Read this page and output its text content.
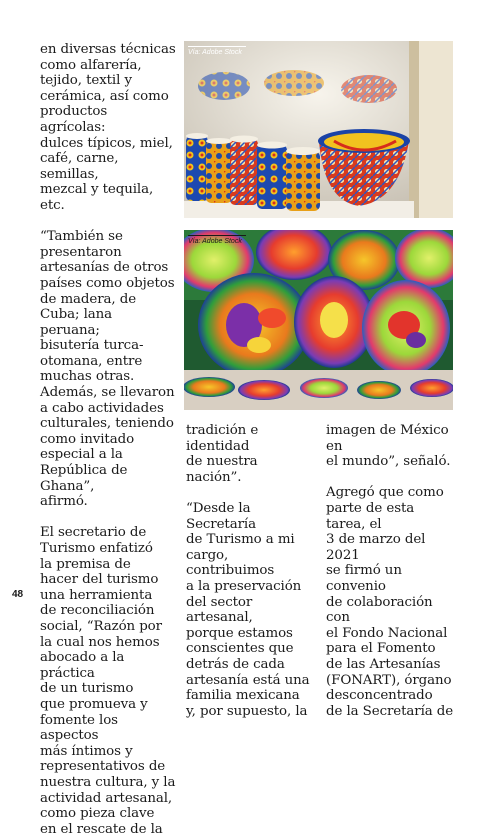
en diversas técnicas
como alfarería,
tejido, textil y
cerámica, así como
productos agrícolas:
dulces típicos, miel,
café, carne, semillas,
mezcal y tequila, etc.

“También se
presentaron
artesanías de otros
países como objetos
de madera, de
Cuba; lana peruana;
bisutería turca-
otomana, entre
muchas otras.
Además, se llevaron
a cabo actividades
culturales, teniendo
como invitado
especial a la
República de Ghana”,
afirmó.

El secretario de
Turismo enfatizó
la premisa de
hacer del turismo
una herramienta
de reconciliación
social, “Razón por
la cual nos hemos
abocado a la práctica
de un turismo
que promueva y
fomente los aspectos
más íntimos y
representativos de
nuestra cultura, y la
actividad artesanal,
como pieza clave
en el rescate de la

Vía: Adobe Stock
Vía: Adobe Stock

tradición e identidad
de nuestra nación”.

“Desde la Secretaría
de Turismo a mi
cargo, contribuimos
a la preservación
del sector artesanal,
porque estamos
conscientes que
detrás de cada
artesanía está una
familia mexicana
y, por supuesto, la

imagen de México en
el mundo”, señaló.

Agregó que como
parte de esta tarea, el
3 de marzo del 2021
se firmó un convenio
de colaboración con
el Fondo Nacional
para el Fomento
de las Artesanías
(FONART), órgano
desconcentrado
de la Secretaría de

48
